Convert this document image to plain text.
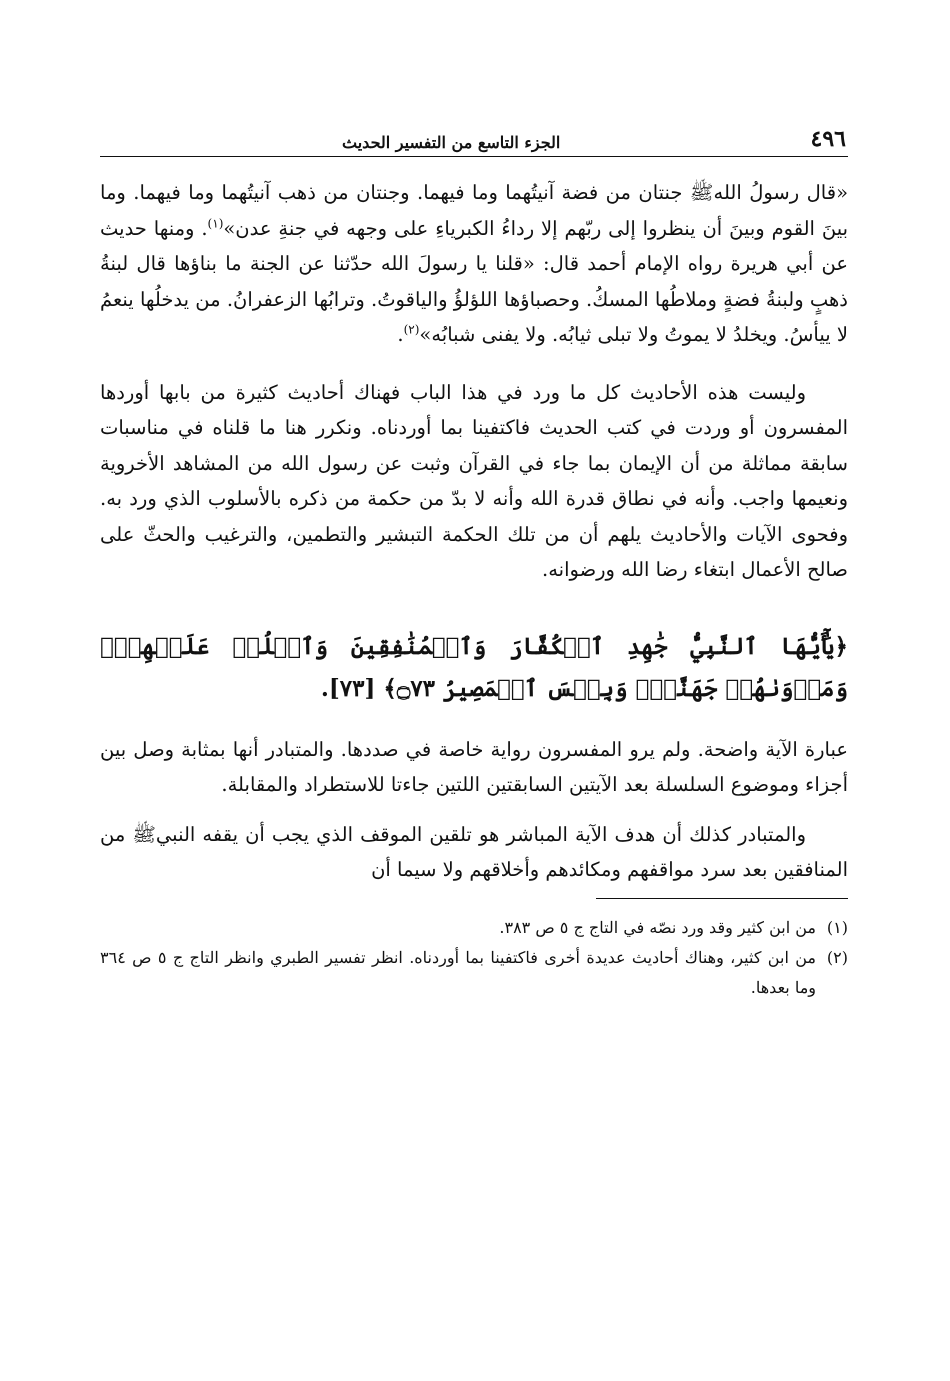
٤٩٦
الجزء التاسع من التفسير الحديث
«قال رسولُ اللهﷺ جنتان من فضة آنيتُهما وما فيهما. وجنتان من ذهب آنيتُهما وما فيهما. وما بينَ القوم وبينَ أن ينظروا إلى ربّهم إلا رداءُ الكبرياءِ على وجهه في جنةِ عدن»$^{(١)}$. ومنها حديث عن أبي هريرة رواه الإمام أحمد قال: «قلنا يا رسولَ الله حدّثنا عن الجنة ما بناؤها قال لبنةُ ذهبٍ ولبنةُ فضةٍ وملاطُها المسكُ. وحصباؤها اللؤلؤُ والياقوتُ. وترابُها الزعفرانُ. من يدخلُها ينعمُ لا ييأسُ. ويخلدُ لا يموتُ ولا تبلى ثيابُه. ولا يفنى شبابُه»$^{(٢)}$.
وليست هذه الأحاديث كل ما ورد في هذا الباب فهناك أحاديث كثيرة من بابها أوردها المفسرون أو وردت في كتب الحديث فاكتفينا بما أوردناه. ونكرر هنا ما قلناه في مناسبات سابقة مماثلة من أن الإيمان بما جاء في القرآن وثبت عن رسول الله من المشاهد الأخروية ونعيمها واجب. وأنه في نطاق قدرة الله وأنه لا بدّ من حكمة من ذكره بالأسلوب الذي ورد به. وفحوى الآيات والأحاديث يلهم أن من تلك الحكمة التبشير والتطمين، والترغيب والحثّ على صالح الأعمال ابتغاء رضا الله ورضوانه.
﴿يَٰٓأَيُّهَا ٱلنَّبِيُّ جَٰهِدِ ٱلۡكُفَّارَ وَٱلۡمُنَٰفِقِينَ وَٱغۡلُظۡ عَلَيۡهِمۡۚ وَمَأۡوَىٰهُمۡ جَهَنَّمُۖ وَبِئۡسَ ٱلۡمَصِيرُ ۝٧٣﴾ [٧٣].
عبارة الآية واضحة. ولم يرو المفسرون رواية خاصة في صددها. والمتبادر أنها بمثابة وصل بين أجزاء وموضوع السلسلة بعد الآيتين السابقتين اللتين جاءتا للاستطراد والمقابلة.
والمتبادر كذلك أن هدف الآية المباشر هو تلقين الموقف الذي يجب أن يقفه النبيﷺ من المنافقين بعد سرد مواقفهم ومكائدهم وأخلاقهم ولا سيما أن
(١)
من ابن كثير وقد ورد نصّه في التاج ج ٥ ص ٣٨٣.
(٢)
من ابن كثير، وهناك أحاديث عديدة أخرى فاكتفينا بما أوردناه. انظر تفسير الطبري وانظر التاج ج ٥ ص ٣٦٤ وما بعدها.
